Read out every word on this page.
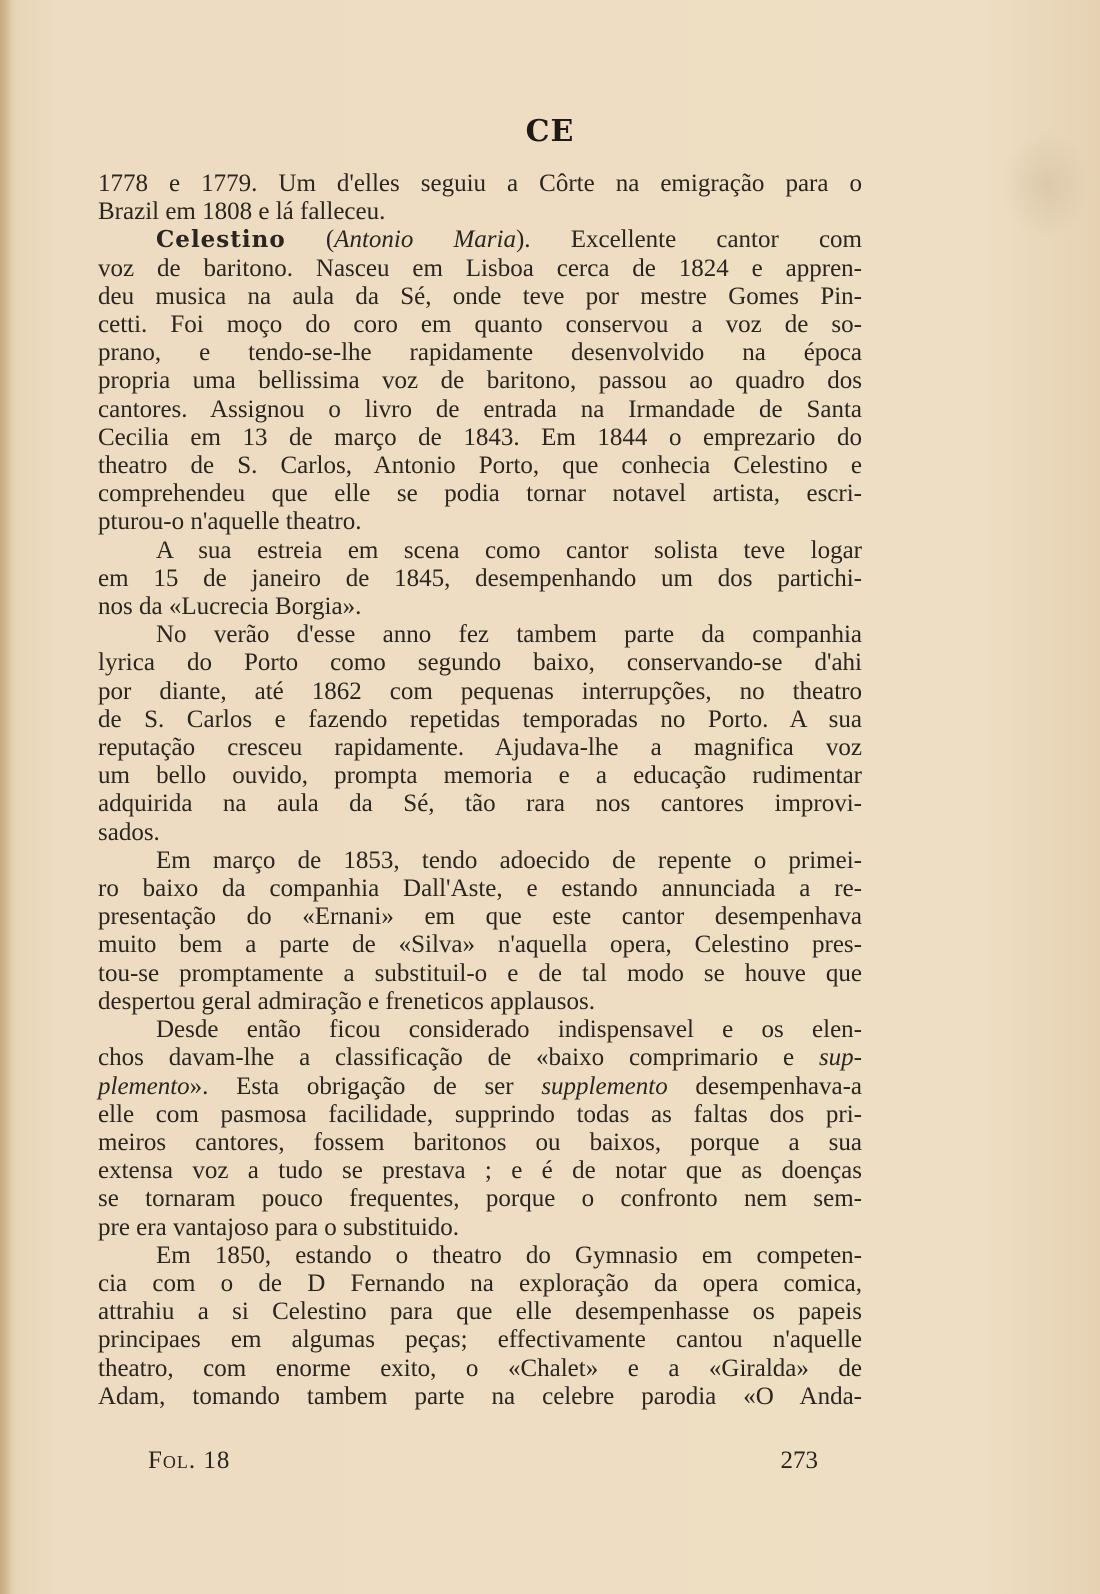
CE

1778 e 1779. Um d'elles seguiu a Côrte na emigração para o

Brazil em 1808 e lá falleceu.

Celestino (Antonio Maria). Excellente cantor com

voz de baritono. Nasceu em Lisboa cerca de 1824 e appren-

deu musica na aula da Sé, onde teve por mestre Gomes Pin-

cetti. Foi moço do coro em quanto conservou a voz de so-

prano, e tendo-se-lhe rapidamente desenvolvido na época

propria uma bellissima voz de baritono, passou ao quadro dos

cantores. Assignou o livro de entrada na Irmandade de Santa

Cecilia em 13 de março de 1843. Em 1844 o emprezario do

theatro de S. Carlos, Antonio Porto, que conhecia Celestino e

comprehendeu que elle se podia tornar notavel artista, escri-

pturou-o n'aquelle theatro.

A sua estreia em scena como cantor solista teve logar

em 15 de janeiro de 1845, desempenhando um dos partichi-

nos da «Lucrecia Borgia».

No verão d'esse anno fez tambem parte da companhia

lyrica do Porto como segundo baixo, conservando-se d'ahi

por diante, até 1862 com pequenas interrupções, no theatro

de S. Carlos e fazendo repetidas temporadas no Porto. A sua

reputação cresceu rapidamente. Ajudava-lhe a magnifica voz

um bello ouvido, prompta memoria e a educação rudimentar

adquirida na aula da Sé, tão rara nos cantores improvi-

sados.

Em março de 1853, tendo adoecido de repente o primei-

ro baixo da companhia Dall'Aste, e estando annunciada a re-

presentação do «Ernani» em que este cantor desempenhava

muito bem a parte de «Silva» n'aquella opera, Celestino pres-

tou-se promptamente a substituil-o e de tal modo se houve que

despertou geral admiração e freneticos applausos.

Desde então ficou considerado indispensavel e os elen-

chos davam-lhe a classificação de «baixo comprimario e sup-

plemento». Esta obrigação de ser supplemento desempenhava-a

elle com pasmosa facilidade, supprindo todas as faltas dos pri-

meiros cantores, fossem baritonos ou baixos, porque a sua

extensa voz a tudo se prestava ; e é de notar que as doenças

se tornaram pouco frequentes, porque o confronto nem sem-

pre era vantajoso para o substituido.

Em 1850, estando o theatro do Gymnasio em competen-

cia com o de D Fernando na exploração da opera comica,

attrahiu a si Celestino para que elle desempenhasse os papeis

principaes em algumas peças; effectivamente cantou n'aquelle

theatro, com enorme exito, o «Chalet» e a «Giralda» de

Adam, tomando tambem parte na celebre parodia «O Anda-

Fol. 18	273
